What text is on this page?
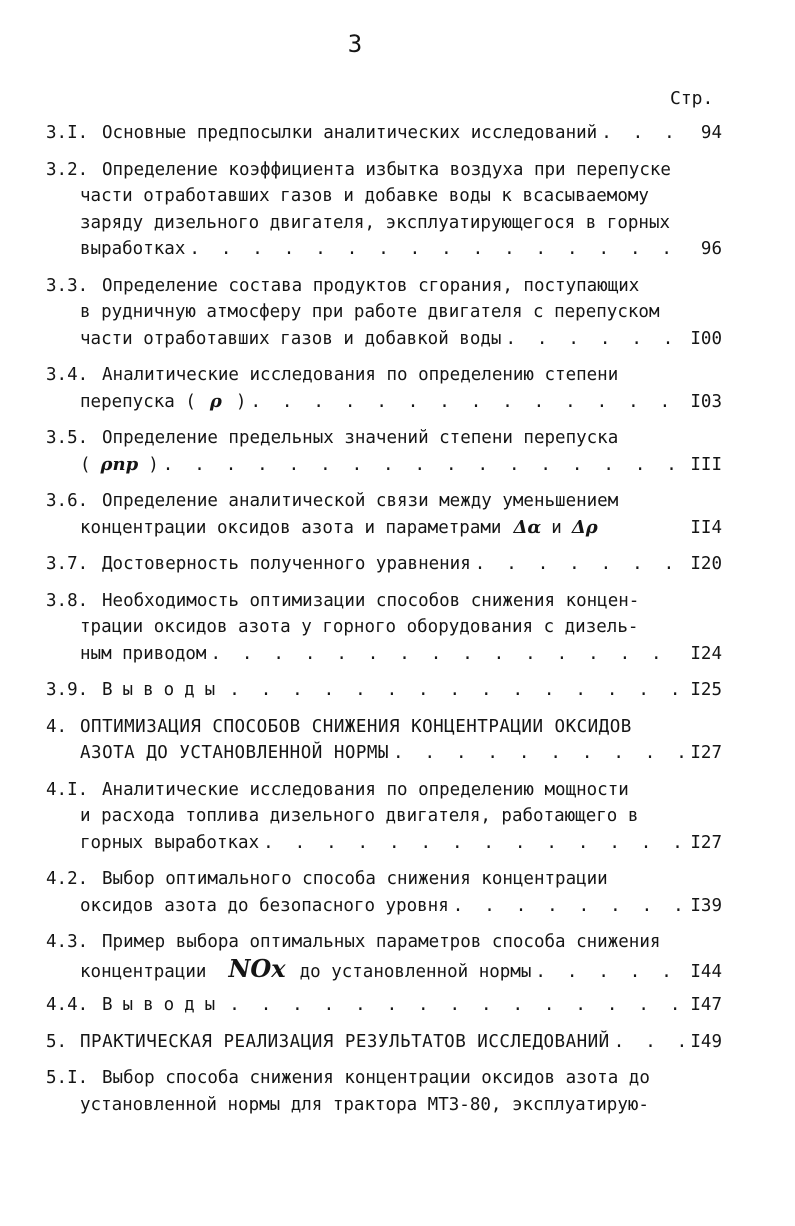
3
Стр.
3.I. Основные предпосылки аналитических исследований . . .	94
3.2. Определение коэффициента избытка воздуха при перепуске
части отработавших газов и добавке воды к всасываемому
заряду дизельного двигателя, эксплуатирующегося в горных
выработках . . .	96
3.3. Определение состава продуктов сгорания, поступающих
в рудничную атмосферу при работе двигателя с перепуском
части отработавших газов и добавкой воды . . .	I00
3.4. Аналитические исследования по определению степени
перепуска ( ρ ) . . .	I03
3.5. Определение предельных значений степени перепуска
( ρпр ) . . .	III
3.6. Определение аналитической связи между уменьшением
концентрации оксидов азота и параметрами Δα и Δρ	II4
3.7. Достоверность полученного уравнения . . .	I20
3.8. Необходимость оптимизации способов снижения концен-
трации оксидов азота у горного оборудования с дизель-
ным приводом . . .	I24
3.9. Выводы . . .	I25
4. ОПТИМИЗАЦИЯ СПОСОБОВ СНИЖЕНИЯ КОНЦЕНТРАЦИИ ОКСИДОВ
АЗОТА ДО УСТАНОВЛЕННОЙ НОРМЫ . . .	I27
4.I. Аналитические исследования по определению мощности
и расхода топлива дизельного двигателя, работающего в
горных выработках . . .	I27
4.2. Выбор оптимального способа снижения концентрации
оксидов азота до безопасного уровня . . .	I39
4.3. Пример выбора оптимальных параметров способа снижения
концентрации NOx до установленной нормы . . .	I44
4.4. Выводы . . .	I47
5. ПРАКТИЧЕСКАЯ РЕАЛИЗАЦИЯ РЕЗУЛЬТАТОВ ИССЛЕДОВАНИЙ . . .	I49
5.I. Выбор способа снижения концентрации оксидов азота до
установленной нормы для трактора МТЗ-80, эксплуатирую-
